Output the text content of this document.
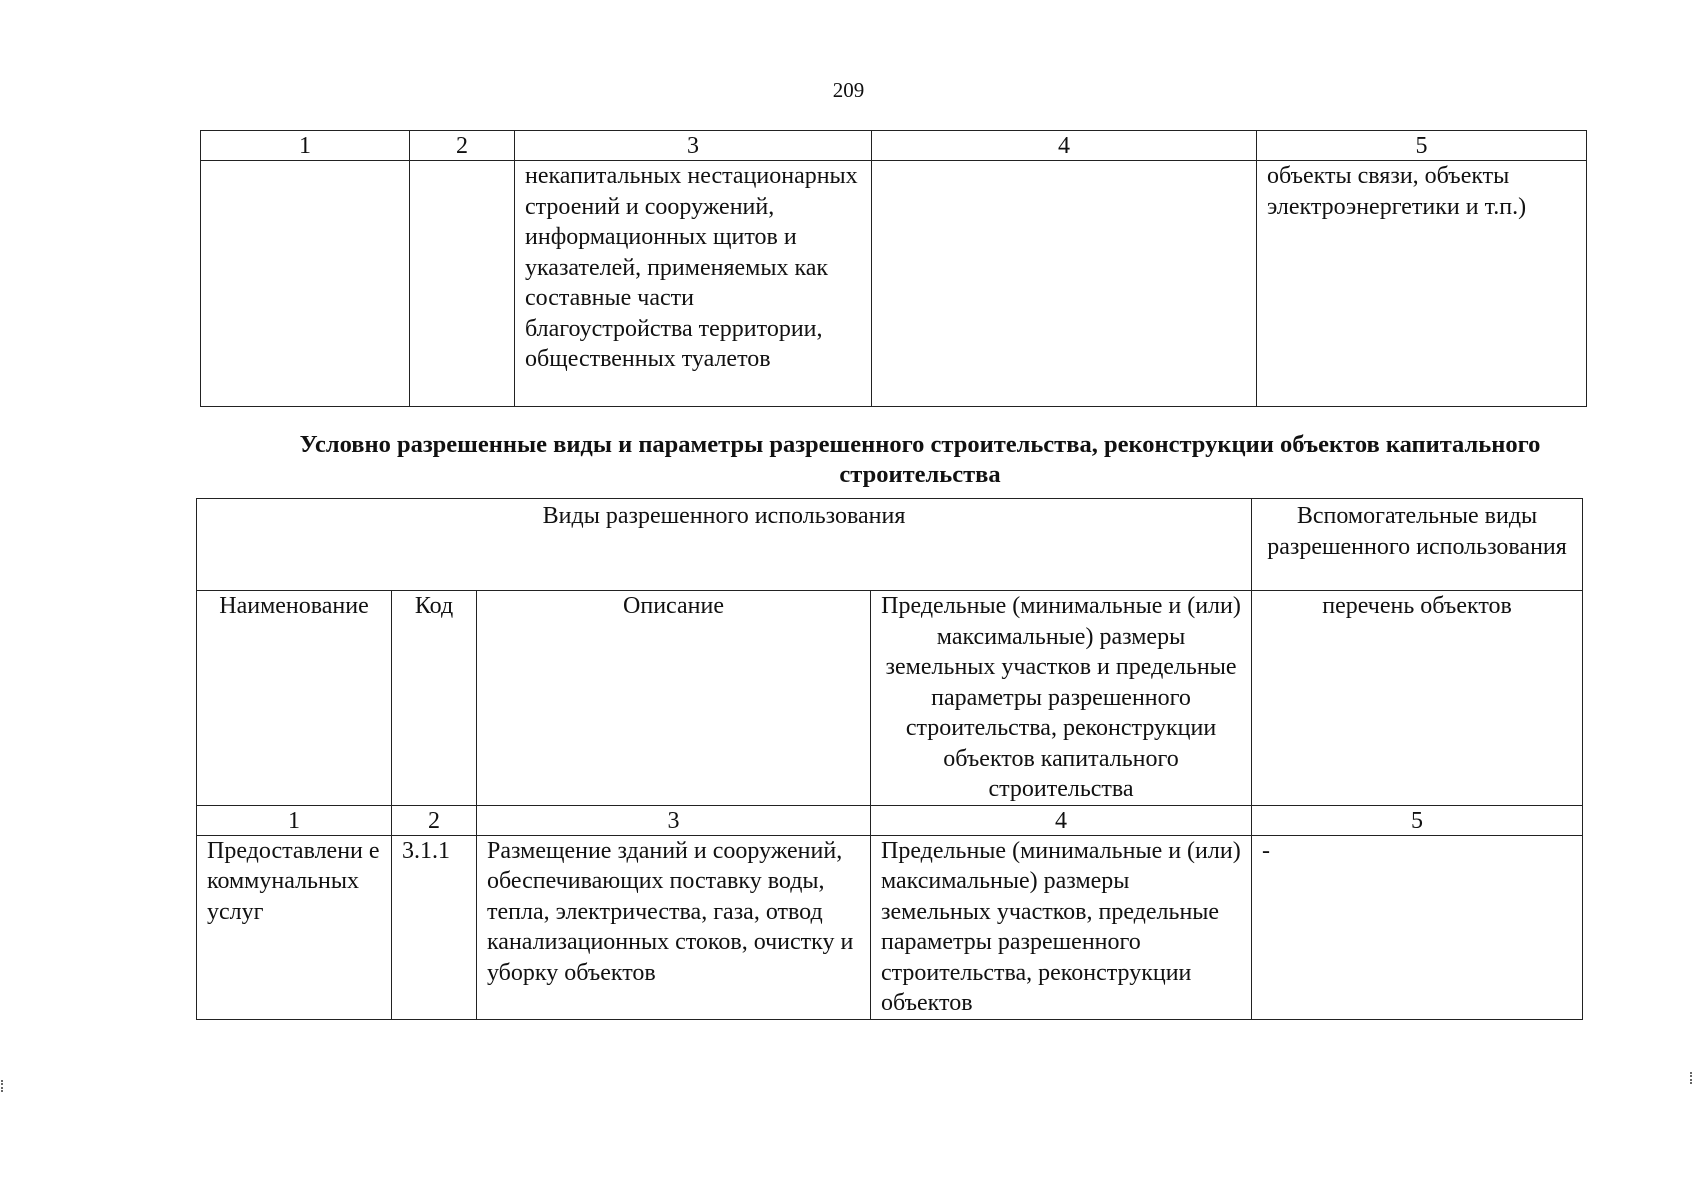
209
1	2	3	4	5
		некапитальных нестационарных строений и сооружений, информационных щитов и указателей, применяемых как составные части благоустройства территории, общественных туалетов		объекты связи, объекты электроэнергетики и т.п.)
Условно разрешенные виды и параметры разрешенного строительства, реконструкции объектов капитального строительства
Виды разрешенного использования				Вспомогательные виды разрешенного использования
Наименование	Код	Описание	Предельные (минимальные и (или) максимальные) размеры земельных участков и предельные параметры разрешенного строительства, реконструкции объектов капитального строительства	перечень объектов
1	2	3	4	5
Предоставлени е коммунальных услуг	3.1.1	Размещение зданий и сооружений, обеспечивающих поставку воды, тепла, электричества, газа, отвод канализационных стоков, очистку и уборку объектов	Предельные (минимальные и (или) максимальные) размеры земельных участков, предельные параметры разрешенного строительства, реконструкции объектов	-
